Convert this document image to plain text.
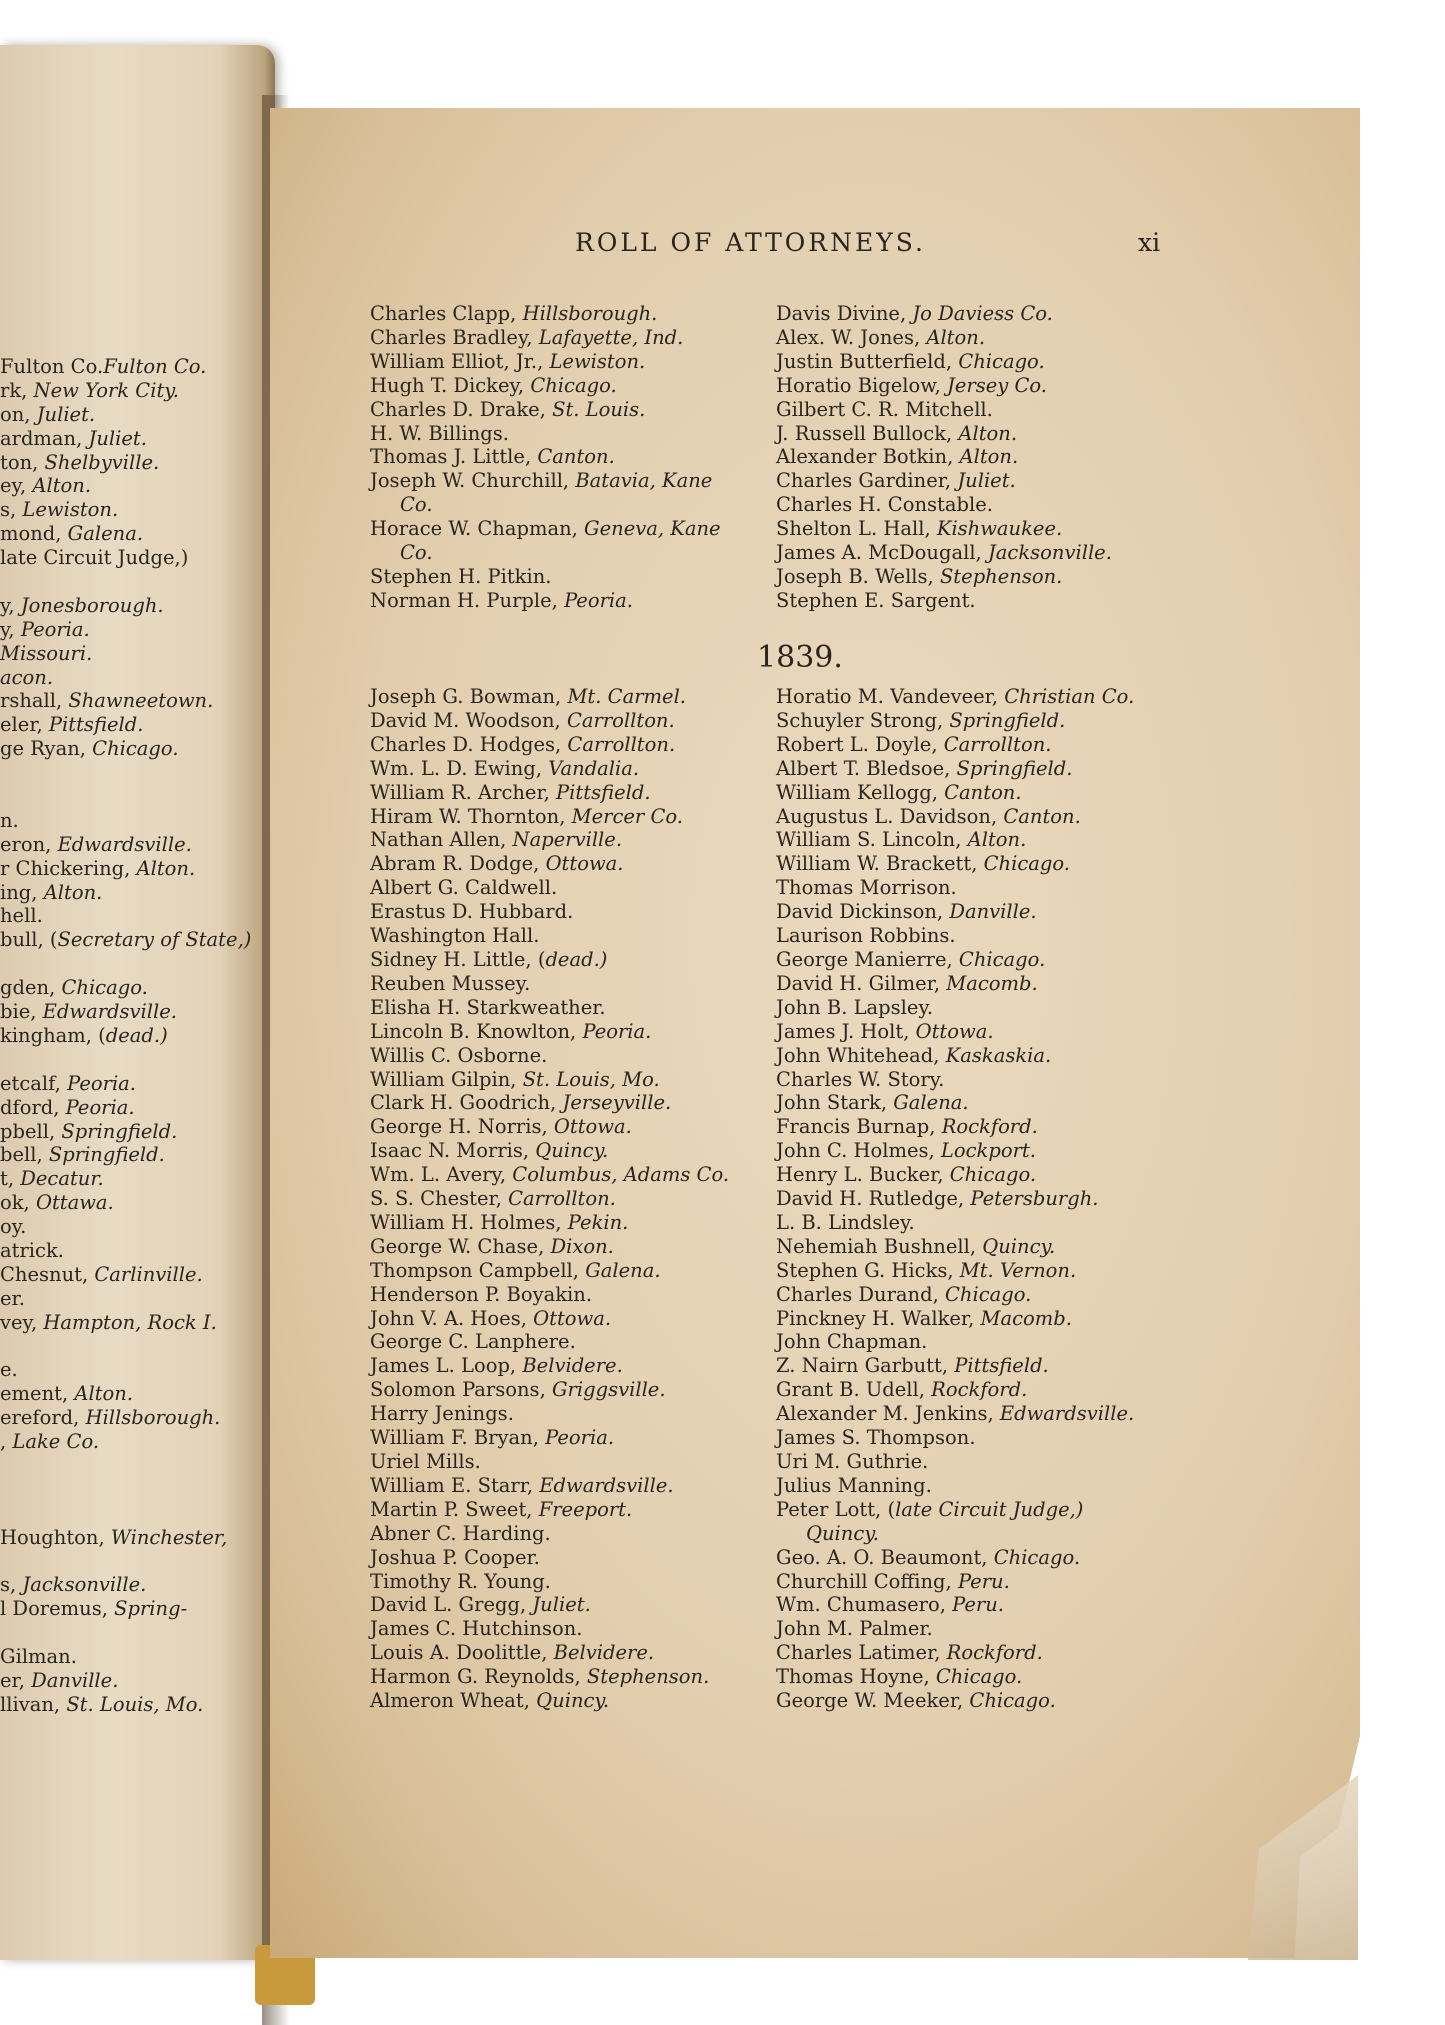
Fulton Co.Fulton Co.
rk, New York City.
on, Juliet.
ardman, Juliet.
ton, Shelbyville.
ey, Alton.
s, Lewiston.
mond, Galena.
late Circuit Judge,)
y, Jonesborough.
y, Peoria.
Missouri.
acon.
rshall, Shawneetown.
eler, Pittsfield.
ge Ryan, Chicago.
n.
eron, Edwardsville.
r Chickering, Alton.
ing, Alton.
hell.
bull, (Secretary of State,)
gden, Chicago.
bie, Edwardsville.
kingham, (dead.)
etcalf, Peoria.
dford, Peoria.
pbell, Springfield.
bell, Springfield.
t, Decatur.
ok, Ottawa.
oy.
atrick.
Chesnut, Carlinville.
er.
vey, Hampton, Rock I.
e.
ement, Alton.
ereford, Hillsborough.
, Lake Co.
Houghton, Winchester,
s, Jacksonville.
l Doremus, Spring-
Gilman.
er, Danville.
llivan, St. Louis, Mo.
ROLL OF ATTORNEYS.	xi
Charles Clapp, Hillsborough.
Charles Bradley, Lafayette, Ind.
William Elliot, Jr., Lewiston.
Hugh T. Dickey, Chicago.
Charles D. Drake, St. Louis.
H. W. Billings.
Thomas J. Little, Canton.
Joseph W. Churchill, Batavia, Kane
Co.
Horace W. Chapman, Geneva, Kane
Co.
Stephen H. Pitkin.
Norman H. Purple, Peoria.
Davis Divine, Jo Daviess Co.
Alex. W. Jones, Alton.
Justin Butterfield, Chicago.
Horatio Bigelow, Jersey Co.
Gilbert C. R. Mitchell.
J. Russell Bullock, Alton.
Alexander Botkin, Alton.
Charles Gardiner, Juliet.
Charles H. Constable.
Shelton L. Hall, Kishwaukee.
James A. McDougall, Jacksonville.
Joseph B. Wells, Stephenson.
Stephen E. Sargent.
1839.
Joseph G. Bowman, Mt. Carmel.
David M. Woodson, Carrollton.
Charles D. Hodges, Carrollton.
Wm. L. D. Ewing, Vandalia.
William R. Archer, Pittsfield.
Hiram W. Thornton, Mercer Co.
Nathan Allen, Naperville.
Abram R. Dodge, Ottowa.
Albert G. Caldwell.
Erastus D. Hubbard.
Washington Hall.
Sidney H. Little, (dead.)
Reuben Mussey.
Elisha H. Starkweather.
Lincoln B. Knowlton, Peoria.
Willis C. Osborne.
William Gilpin, St. Louis, Mo.
Clark H. Goodrich, Jerseyville.
George H. Norris, Ottowa.
Isaac N. Morris, Quincy.
Wm. L. Avery, Columbus, Adams Co.
S. S. Chester, Carrollton.
William H. Holmes, Pekin.
George W. Chase, Dixon.
Thompson Campbell, Galena.
Henderson P. Boyakin.
John V. A. Hoes, Ottowa.
George C. Lanphere.
James L. Loop, Belvidere.
Solomon Parsons, Griggsville.
Harry Jenings.
William F. Bryan, Peoria.
Uriel Mills.
William E. Starr, Edwardsville.
Martin P. Sweet, Freeport.
Abner C. Harding.
Joshua P. Cooper.
Timothy R. Young.
David L. Gregg, Juliet.
James C. Hutchinson.
Louis A. Doolittle, Belvidere.
Harmon G. Reynolds, Stephenson.
Almeron Wheat, Quincy.
Horatio M. Vandeveer, Christian Co.
Schuyler Strong, Springfield.
Robert L. Doyle, Carrollton.
Albert T. Bledsoe, Springfield.
William Kellogg, Canton.
Augustus L. Davidson, Canton.
William S. Lincoln, Alton.
William W. Brackett, Chicago.
Thomas Morrison.
David Dickinson, Danville.
Laurison Robbins.
George Manierre, Chicago.
David H. Gilmer, Macomb.
John B. Lapsley.
James J. Holt, Ottowa.
John Whitehead, Kaskaskia.
Charles W. Story.
John Stark, Galena.
Francis Burnap, Rockford.
John C. Holmes, Lockport.
Henry L. Bucker, Chicago.
David H. Rutledge, Petersburgh.
L. B. Lindsley.
Nehemiah Bushnell, Quincy.
Stephen G. Hicks, Mt. Vernon.
Charles Durand, Chicago.
Pinckney H. Walker, Macomb.
John Chapman.
Z. Nairn Garbutt, Pittsfield.
Grant B. Udell, Rockford.
Alexander M. Jenkins, Edwardsville.
James S. Thompson.
Uri M. Guthrie.
Julius Manning.
Peter Lott, (late Circuit Judge,)
Quincy.
Geo. A. O. Beaumont, Chicago.
Churchill Coffing, Peru.
Wm. Chumasero, Peru.
John M. Palmer.
Charles Latimer, Rockford.
Thomas Hoyne, Chicago.
George W. Meeker, Chicago.
